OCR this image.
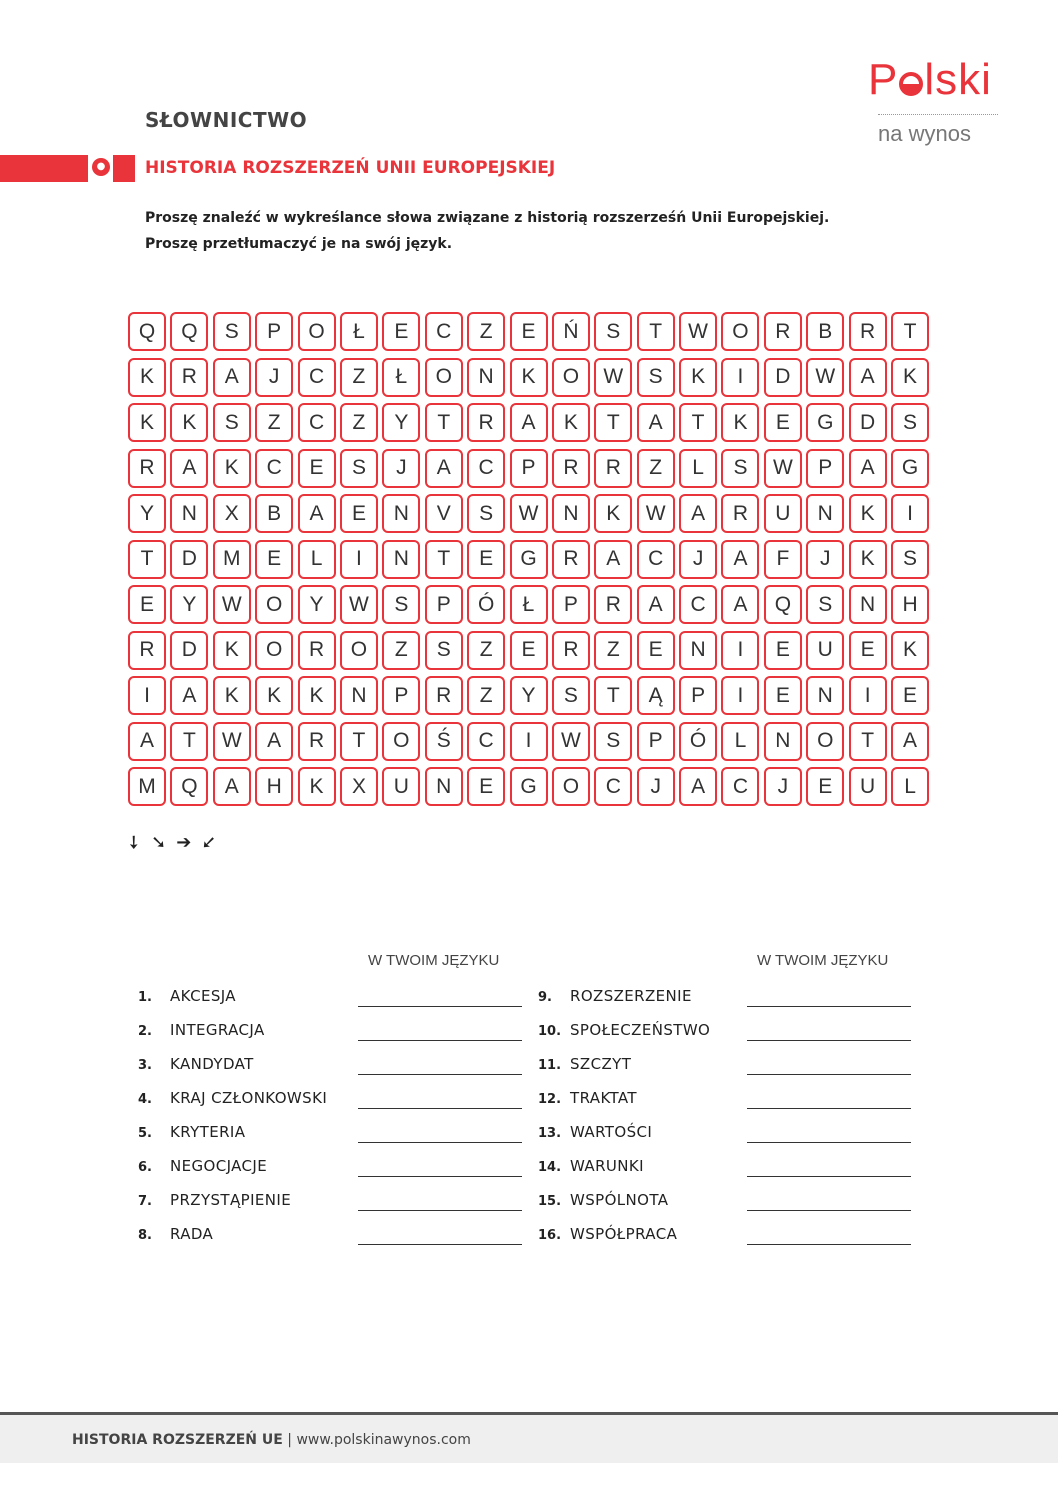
P lski
na wynos
SŁOWNICTWO
● HISTORIA ROZSZERZEŃ UNII EUROPEJSKIEJ
Proszę znaleźć w wykreślance słowa związane z historią rozszerześń Unii Europejskiej.
Proszę przetłumaczyć je na swój język.
Q	Q	S	P	O	Ł	E	C	Z	E	Ń	S	T	W	O	R	B	R	T
K	R	A	J	C	Z	Ł	O	N	K	O	W	S	K	I	D	W	A	K
K	K	S	Z	C	Z	Y	T	R	A	K	T	A	T	K	E	G	D	S
R	A	K	C	E	S	J	A	C	P	R	R	Z	L	S	W	P	A	G
Y	N	X	B	A	E	N	V	S	W	N	K	W	A	R	U	N	K	I
T	D	M	E	L	I	N	T	E	G	R	A	C	J	A	F	J	K	S
E	Y	W	O	Y	W	S	P	Ó	Ł	P	R	A	C	A	Q	S	N	H
R	D	K	O	R	O	Z	S	Z	E	R	Z	E	N	I	E	U	E	K
I	A	K	K	K	N	P	R	Z	Y	S	T	Ą	P	I	E	N	I	E
A	T	W	A	R	T	O	Ś	C	I	W	S	P	Ó	L	N	O	T	A
M	Q	A	H	K	X	U	N	E	G	O	C	J	A	C	J	E	U	L
➘ ➘ ➔ ➚
W TWOIM JĘZYKU	W TWOIM JĘZYKU
1.	AKCESJA
2.	INTEGRACJA
3.	KANDYDAT
4.	KRAJ CZŁONKOWSKI
5.	KRYTERIA
6.	NEGOCJACJE
7.	PRZYSTĄPIENIE
8.	RADA
9.	ROZSZERZENIE
10. SPOŁECZEŃSTWO
11. SZCZYT
12. TRAKTAT
13. WARTOŚCI
14. WARUNKI
15. WSPÓLNOTA
16. WSPÓŁPRACA
HISTORIA ROZSZERZEŃ UE | www.polskinawynos.com
